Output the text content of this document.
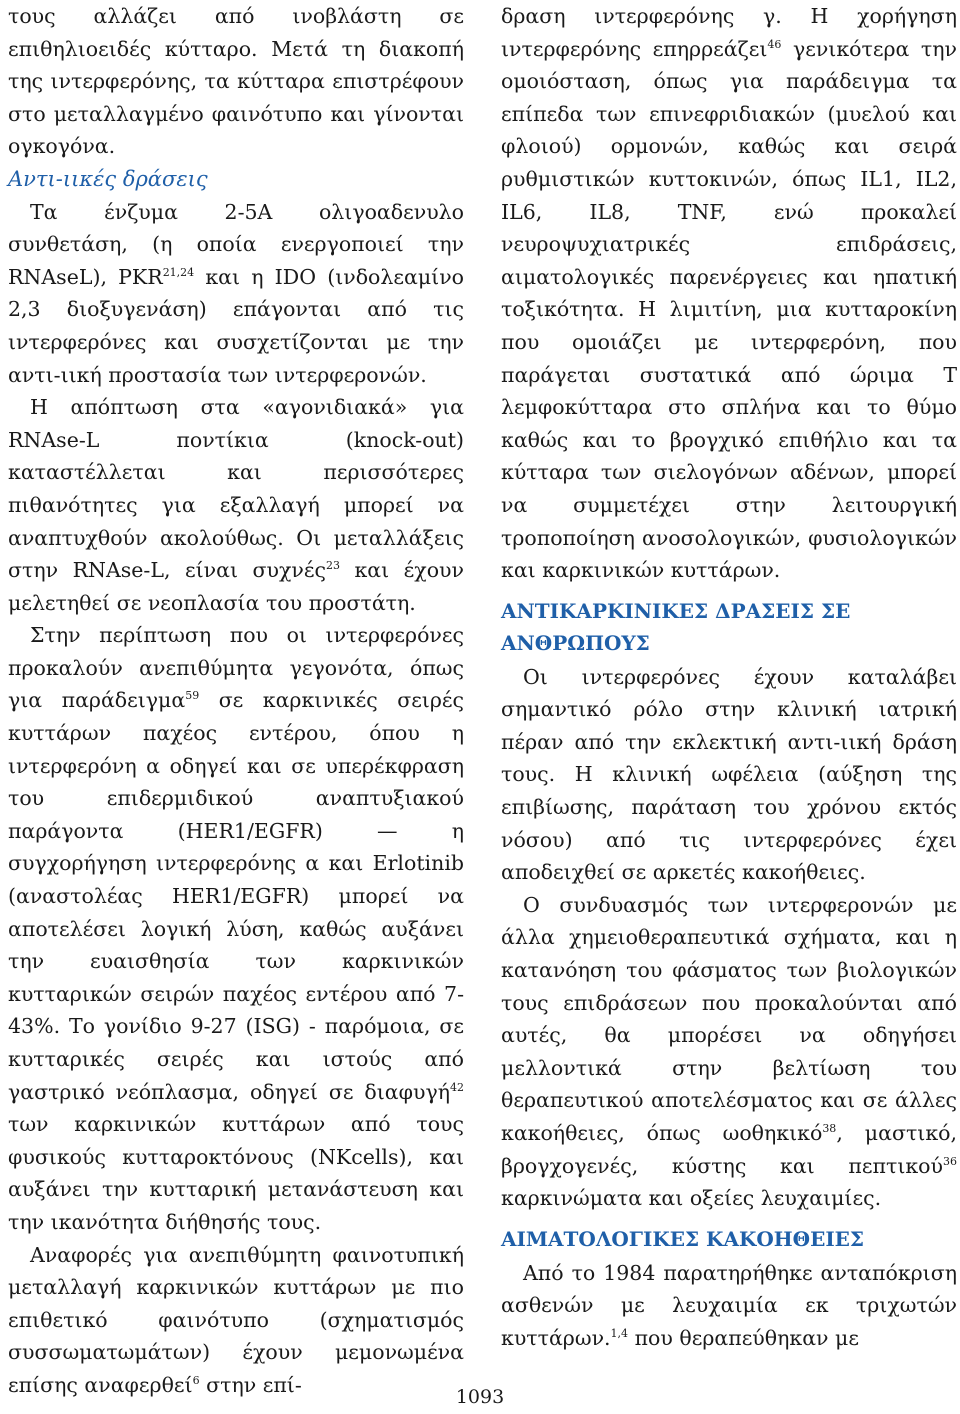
τους αλλάζει από ινοβλάστη σε επιθηλιοειδές κύτταρο. Μετά τη διακοπή της ιντερφερόνης, τα κύτταρα επιστρέφουν στο μεταλλαγμένο φαινότυπο και γίνονται ογκογόνα.

Αντι-ιικές δράσεις

Τα ένζυμα 2-5Α ολιγοαδενυλο συνθετάση, (η οποία ενεργοποιεί την RNAseL), PKR$^{21,24}$ και η IDO (ινδολεαμίνο 2,3 διοξυγενάση) επάγονται από τις ιντερφερόνες και συσχετίζονται με την αντι-ιική προστασία των ιντερφερονών.

Η απόπτωση στα «αγονιδιακά» για RNAse-L ποντίκια (knock-out) καταστέλλεται και περισσότερες πιθανότητες για εξαλλαγή μπορεί να αναπτυχθούν ακολούθως. Οι μεταλλάξεις στην RNAse-L, είναι συχνές$^{23}$ και έχουν μελετηθεί σε νεοπλασία του προστάτη.

Στην περίπτωση που οι ιντερφερόνες προκαλούν ανεπιθύμητα γεγονότα, όπως για παράδειγμα$^{59}$ σε καρκινικές σειρές κυττάρων παχέος εντέρου, όπου η ιντερφερόνη α οδηγεί και σε υπερέκφραση του επιδερμιδικού αναπτυξιακού παράγοντα (HER1/EGFR) — η συγχορήγηση ιντερφερόνης α και Erlotinib (αναστολέας HER1/EGFR) μπορεί να αποτελέσει λογική λύση, καθώς αυξάνει την ευαισθησία των καρκινικών κυτταρικών σειρών παχέος εντέρου από 7-43%. Το γονίδιο 9-27 (ISG) - παρόμοια, σε κυτταρικές σειρές και ιστούς από γαστρικό νεόπλασμα, οδηγεί σε διαφυγή$^{42}$ των καρκινικών κυττάρων από τους φυσικούς κυτταροκτόνους (NKcells), και αυξάνει την κυτταρική μετανάστευση και την ικανότητα διήθησής τους.

Αναφορές για ανεπιθύμητη φαινοτυπική μεταλλαγή καρκινικών κυττάρων με πιο επιθετικό φαινότυπο (σχηματισμός συσσωματωμάτων) έχουν μεμονωμένα επίσης αναφερθεί$^6$ στην επί-

δραση ιντερφερόνης γ. Η χορήγηση ιντερφερόνης επηρρεάζει$^{46}$ γενικότερα την ομοιόσταση, όπως για παράδειγμα τα επίπεδα των επινεφριδιακών (μυελού και φλοιού) ορμονών, καθώς και σειρά ρυθμιστικών κυττοκινών, όπως IL1, IL2, IL6, IL8, TNF, ενώ προκαλεί νευροψυχιατρικές επιδράσεις, αιματολογικές παρενέργειες και ηπατική τοξικότητα. Η λιμιτίνη, μια κυτταροκίνη που ομοιάζει με ιντερφερόνη, που παράγεται συστατικά από ώριμα Τ λεμφοκύτταρα στο σπλήνα και το θύμο καθώς και το βρογχικό επιθήλιο και τα κύτταρα των σιελογόνων αδένων, μπορεί να συμμετέχει στην λειτουργική τροποποίηση ανοσολογικών, φυσιολογικών και καρκινικών κυττάρων.

ΑΝΤΙΚΑΡΚΙΝΙΚΕΣ ΔΡΑΣΕΙΣ ΣΕ ΑΝΘΡΩΠΟΥΣ

Οι ιντερφερόνες έχουν καταλάβει σημαντικό ρόλο στην κλινική ιατρική πέραν από την εκλεκτική αντι-ιική δράση τους. Η κλινική ωφέλεια (αύξηση της επιβίωσης, παράταση του χρόνου εκτός νόσου) από τις ιντερφερόνες έχει αποδειχθεί σε αρκετές κακοήθειες.

Ο συνδυασμός των ιντερφερονών με άλλα χημειοθεραπευτικά σχήματα, και η κατανόηση του φάσματος των βιολογικών τους επιδράσεων που προκαλούνται από αυτές, θα μπορέσει να οδηγήσει μελλοντικά στην βελτίωση του θεραπευτικού αποτελέσματος και σε άλλες κακοήθειες, όπως ωοθηκικό$^{38}$, μαστικό, βρογχογενές, κύστης και πεπτικού$^{36}$ καρκινώματα και οξείες λευχαιμίες.

ΑΙΜΑΤΟΛΟΓΙΚΕΣ ΚΑΚΟΗΘΕΙΕΣ

Από το 1984 παρατηρήθηκε ανταπόκριση ασθενών με λευχαιμία εκ τριχωτών κυττάρων.$^{1,4}$ που θεραπεύθηκαν με

1093
